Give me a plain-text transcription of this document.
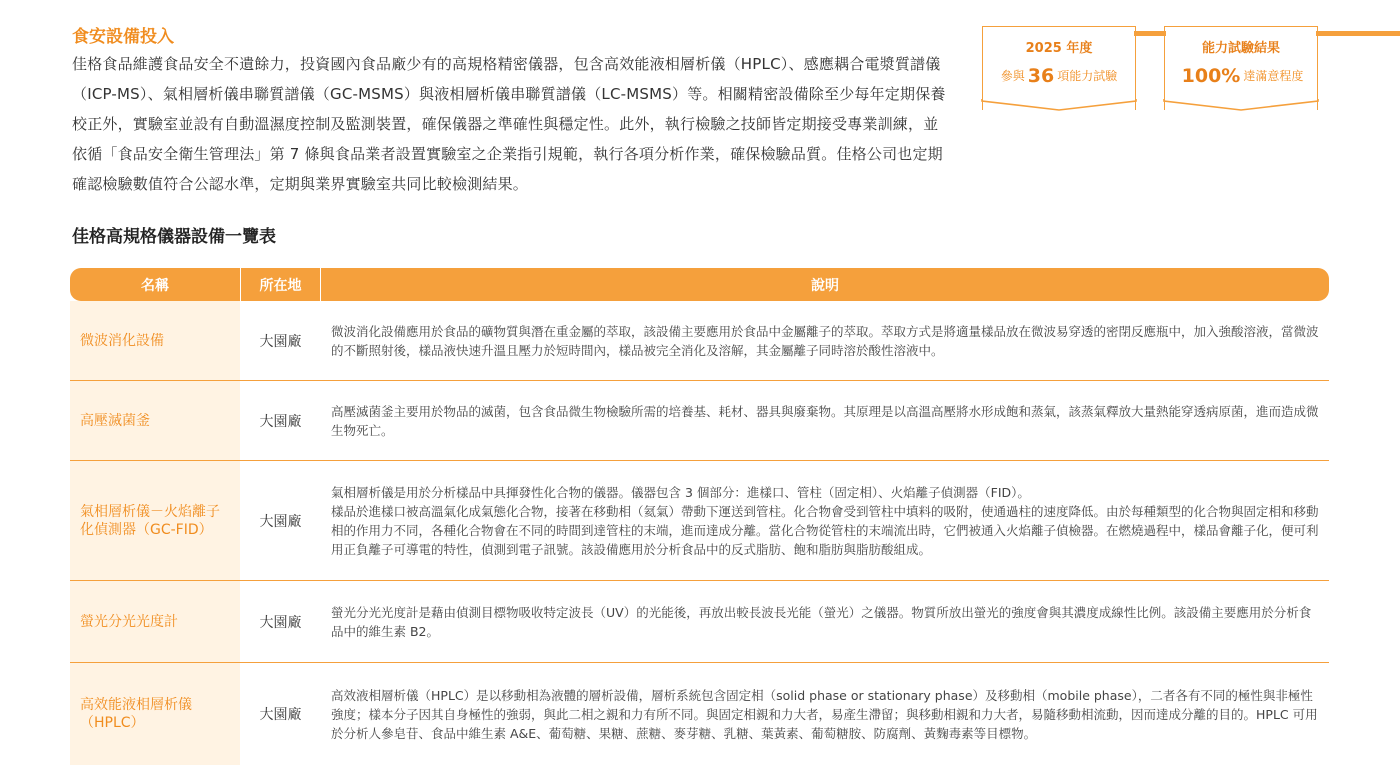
食安設備投入

佳格食品維護食品安全不遺餘力，投資國內食品廠少有的高規格精密儀器，包含高效能液相層析儀（HPLC）、感應耦合電漿質譜儀（ICP-MS）、氣相層析儀串聯質譜儀（GC-MSMS）與液相層析儀串聯質譜儀（LC-MSMS）等。相關精密設備除至少每年定期保養校正外，實驗室並設有自動溫濕度控制及監測裝置，確保儀器之準確性與穩定性。此外，執行檢驗之技師皆定期接受專業訓練，並依循「食品安全衛生管理法」第 7 條與食品業者設置實驗室之企業指引規範，執行各項分析作業，確保檢驗品質。佳格公司也定期確認檢驗數值符合公認水準，定期與業界實驗室共同比較檢測結果。

2025 年度
參與 36 項能力試驗
能力試驗結果
100% 達滿意程度
佳格高規格儀器設備一覽表
名稱	所在地	說明
微波消化設備	大園廠

微波消化設備應用於食品的礦物質與潛在重金屬的萃取，該設備主要應用於食品中金屬離子的萃取。萃取方式是將適量樣品放在微波易穿透的密閉反應瓶中，加入強酸溶液，當微波的不斷照射後，樣品液快速升溫且壓力於短時間內，樣品被完全消化及溶解，其金屬離子同時溶於酸性溶液中。

高壓滅菌釜	大園廠

高壓滅菌釜主要用於物品的滅菌，包含食品微生物檢驗所需的培養基、耗材、器具與廢棄物。其原理是以高溫高壓將水形成飽和蒸氣，該蒸氣釋放大量熱能穿透病原菌，進而造成微生物死亡。

氣相層析儀－火焰離子化偵測器（GC-FID）	大園廠

氣相層析儀是用於分析樣品中具揮發性化合物的儀器。儀器包含 3 個部分：進樣口、管柱（固定相）、火焰離子偵測器（FID）。

樣品於進樣口被高溫氣化成氣態化合物，接著在移動相（氦氣）帶動下運送到管柱。化合物會受到管柱中填料的吸附，使通過柱的速度降低。由於每種類型的化合物與固定相和移動相的作用力不同，各種化合物會在不同的時間到達管柱的末端，進而達成分離。當化合物從管柱的末端流出時，它們被通入火焰離子偵檢器。在燃燒過程中，樣品會離子化，便可利用正負離子可導電的特性，偵測到電子訊號。該設備應用於分析食品中的反式脂肪、飽和脂肪與脂肪酸組成。

螢光分光光度計	大園廠

螢光分光光度計是藉由偵測目標物吸收特定波長（UV）的光能後，再放出較長波長光能（螢光）之儀器。物質所放出螢光的強度會與其濃度成線性比例。該設備主要應用於分析食品中的維生素 B2。

高效能液相層析儀（HPLC）	大園廠

高效液相層析儀（HPLC）是以移動相為液體的層析設備，層析系統包含固定相（solid phase or stationary phase）及移動相（mobile phase），二者各有不同的極性與非極性強度；樣本分子因其自身極性的強弱，與此二相之親和力有所不同。與固定相親和力大者，易產生滯留；與移動相親和力大者，易隨移動相流動，因而達成分離的目的。HPLC 可用於分析人參皂苷、食品中維生素 A&E、葡萄糖、果糖、蔗糖、麥芽糖、乳糖、葉黃素、葡萄糖胺、防腐劑、黃麴毒素等目標物。
